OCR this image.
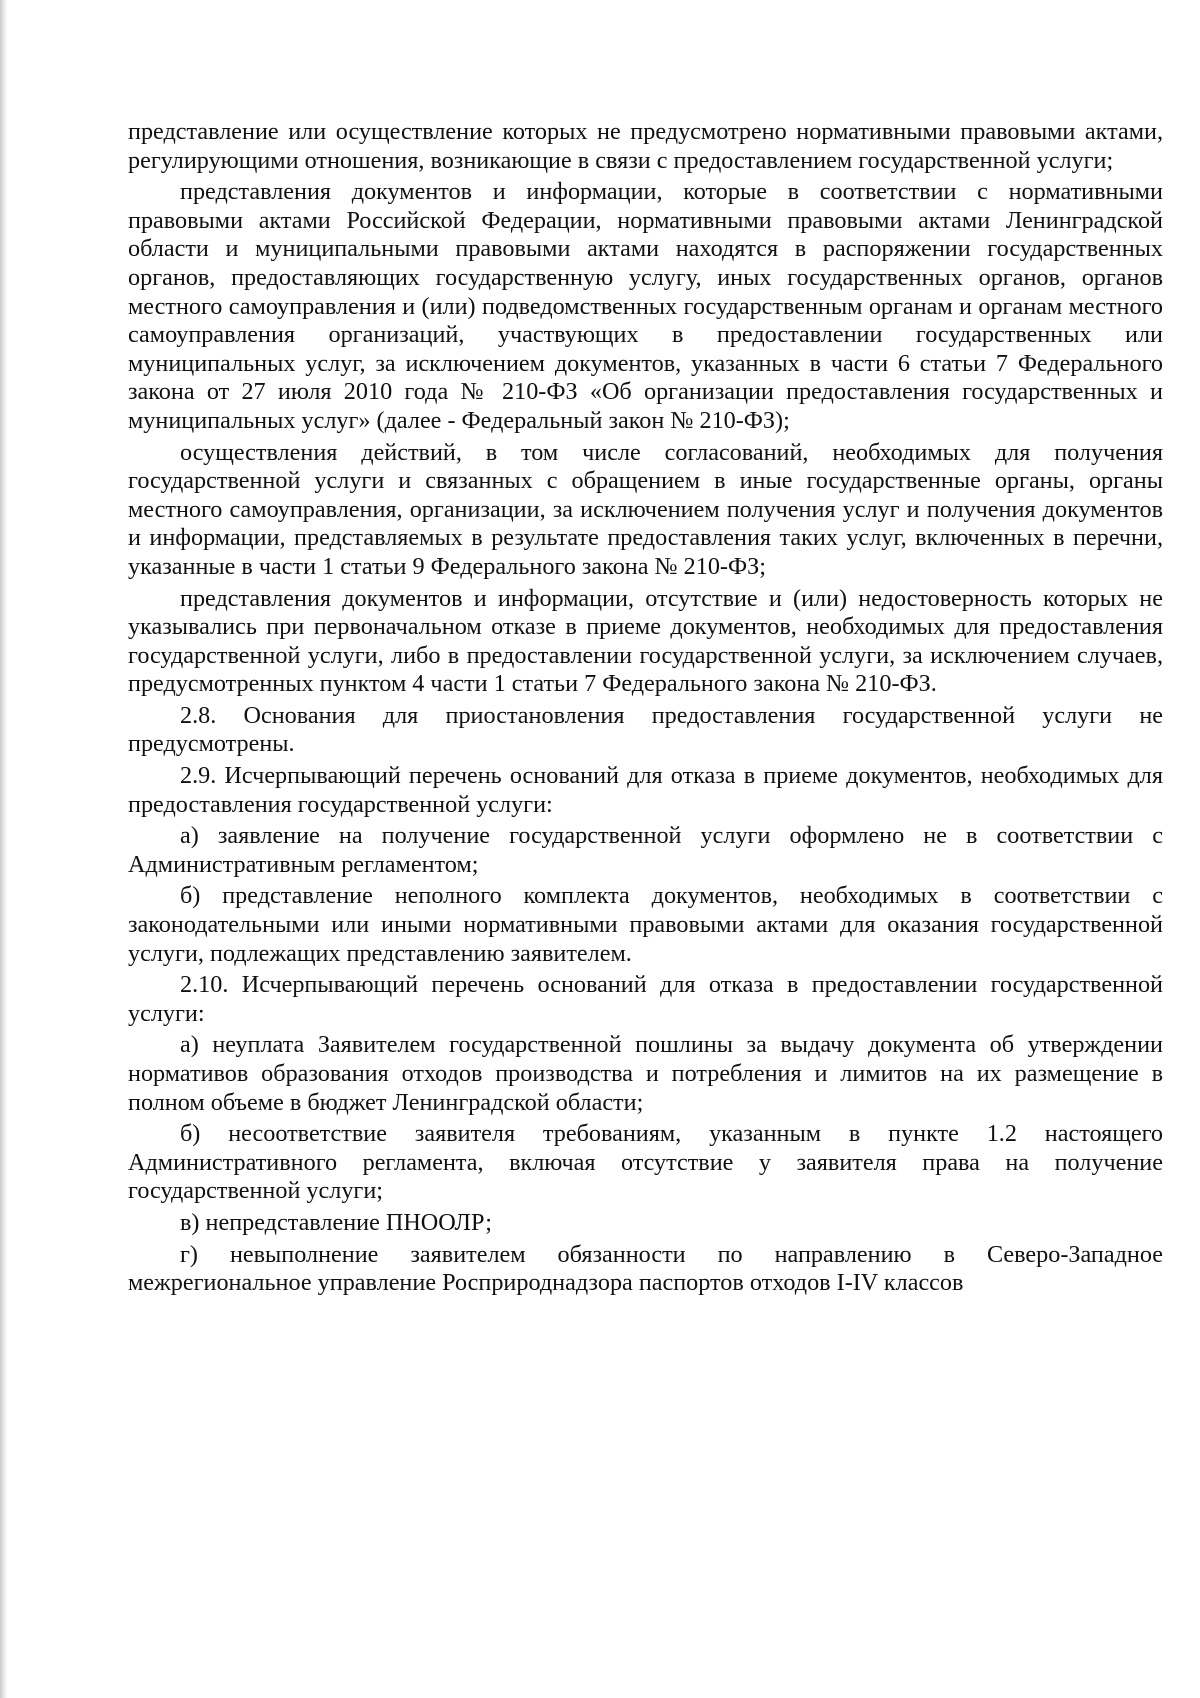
представление или осуществление которых не предусмотрено нормативными правовыми актами, регулирующими отношения, возникающие в связи с предоставлением государственной услуги;

представления документов и информации, которые в соответствии с нормативными правовыми актами Российской Федерации, нормативными правовыми актами Ленинградской области и муниципальными правовыми актами находятся в распоряжении государственных органов, предоставляющих государственную услугу, иных государственных органов, органов местного самоуправления и (или) подведомственных государственным органам и органам местного самоуправления организаций, участвующих в предоставлении государственных или муниципальных услуг, за исключением документов, указанных в части 6 статьи 7 Федерального закона от 27 июля 2010 года № 210-ФЗ «Об организации предоставления государственных и муниципальных услуг» (далее - Федеральный закон № 210-ФЗ);

осуществления действий, в том числе согласований, необходимых для получения государственной услуги и связанных с обращением в иные государственные органы, органы местного самоуправления, организации, за исключением получения услуг и получения документов и информации, представляемых в результате предоставления таких услуг, включенных в перечни, указанные в части 1 статьи 9 Федерального закона № 210-ФЗ;

представления документов и информации, отсутствие и (или) недостоверность которых не указывались при первоначальном отказе в приеме документов, необходимых для предоставления государственной услуги, либо в предоставлении государственной услуги, за исключением случаев, предусмотренных пунктом 4 части 1 статьи 7 Федерального закона № 210-ФЗ.

2.8. Основания для приостановления предоставления государственной услуги не предусмотрены.

2.9. Исчерпывающий перечень оснований для отказа в приеме документов, необходимых для предоставления государственной услуги:

а) заявление на получение государственной услуги оформлено не в соответствии с Административным регламентом;

б) представление неполного комплекта документов, необходимых в соответствии с законодательными или иными нормативными правовыми актами для оказания государственной услуги, подлежащих представлению заявителем.

2.10. Исчерпывающий перечень оснований для отказа в предоставлении государственной услуги:

а) неуплата Заявителем государственной пошлины за выдачу документа об утверждении нормативов образования отходов производства и потребления и лимитов на их размещение в полном объеме в бюджет Ленинградской области;

б) несоответствие заявителя требованиям, указанным в пункте 1.2 настоящего Административного регламента, включая отсутствие у заявителя права на получение государственной услуги;

в) непредставление ПНООЛР;

г) невыполнение заявителем обязанности по направлению в Северо-Западное межрегиональное управление Росприроднадзора паспортов отходов I-IV классов
